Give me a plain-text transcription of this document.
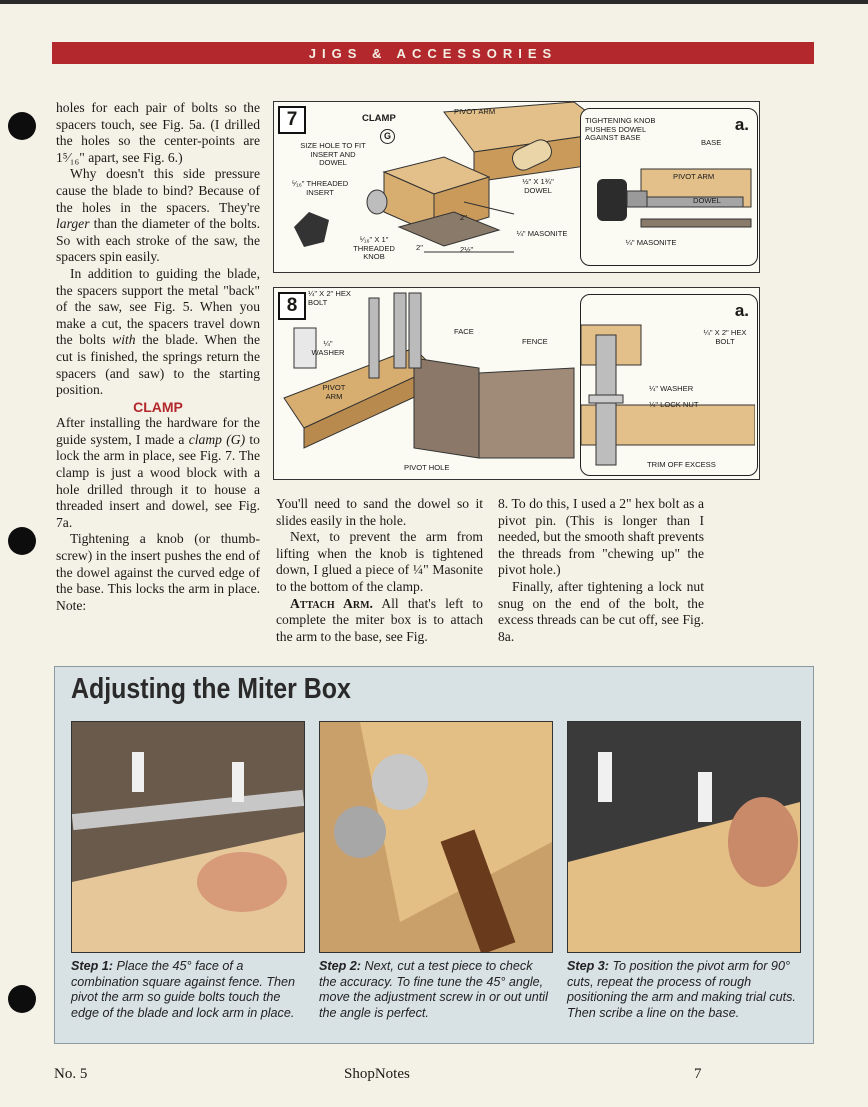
JIGS & ACCESSORIES

holes for each pair of bolts so the spacers touch, see Fig. 5a. (I drilled the holes so the center-points are 1⁵⁄₁₆" apart, see Fig. 6.)

Why doesn't this side pressure cause the blade to bind? Because of the holes in the spacers. They're larger than the diameter of the bolts. So with each stroke of the saw, the spacers spin easily.

In addition to guiding the blade, the spacers support the metal "back" of the saw, see Fig. 5. When you make a cut, the spacers travel down the bolts with the blade. When the cut is finished, the springs return the spacers (and saw) to the starting position.

CLAMP

After installing the hardware for the guide system, I made a clamp (G) to lock the arm in place, see Fig. 7. The clamp is just a wood block with a hole drilled through it to house a threaded insert and dowel, see Fig. 7a.

Tightening a knob (or thumb-screw) in the insert pushes the end of the dowel against the curved edge of the base. This locks the arm in place. Note:

You'll need to sand the dowel so it slides easily in the hole.

Next, to prevent the arm from lifting when the knob is tightened down, I glued a piece of ¼" Masonite to the bottom of the clamp.

Attach Arm. All that's left to complete the miter box is to attach the arm to the base, see Fig.

8. To do this, I used a 2" hex bolt as a pivot pin. (This is longer than I needed, but the smooth shaft prevents the threads from "chewing up" the pivot hole.)

Finally, after tightening a lock nut snug on the end of the bolt, the excess threads can be cut off, see Fig. 8a.

7	CLAMP
G
PIVOT ARM
SIZE HOLE TO FIT INSERT AND DOWEL
⁵⁄₁₆" THREADED INSERT
⁵⁄₁₆" X 1" THREADED KNOB
2"
2"
2½"
½" X 1¾" DOWEL
¼" MASONITE
a.
TIGHTENING KNOB PUSHES DOWEL AGAINST BASE
BASE
PIVOT ARM
DOWEL
¼" MASONITE
8
¼" X 2" HEX BOLT
¼" WASHER
PIVOT ARM
FACE
FENCE
PIVOT HOLE
a.
¼" X 2" HEX BOLT
¼" WASHER
¼" LOCK NUT
TRIM OFF EXCESS
Adjusting the Miter Box
Step 1: Place the 45° face of a combination square against fence. Then pivot the arm so guide bolts touch the edge of the blade and lock arm in place.
Step 2: Next, cut a test piece to check the accuracy. To fine tune the 45° angle, move the adjustment screw in or out until the angle is perfect.
Step 3: To position the pivot arm for 90° cuts, repeat the process of rough positioning the arm and making trial cuts. Then scribe a line on the base.
No. 5	ShopNotes	7
